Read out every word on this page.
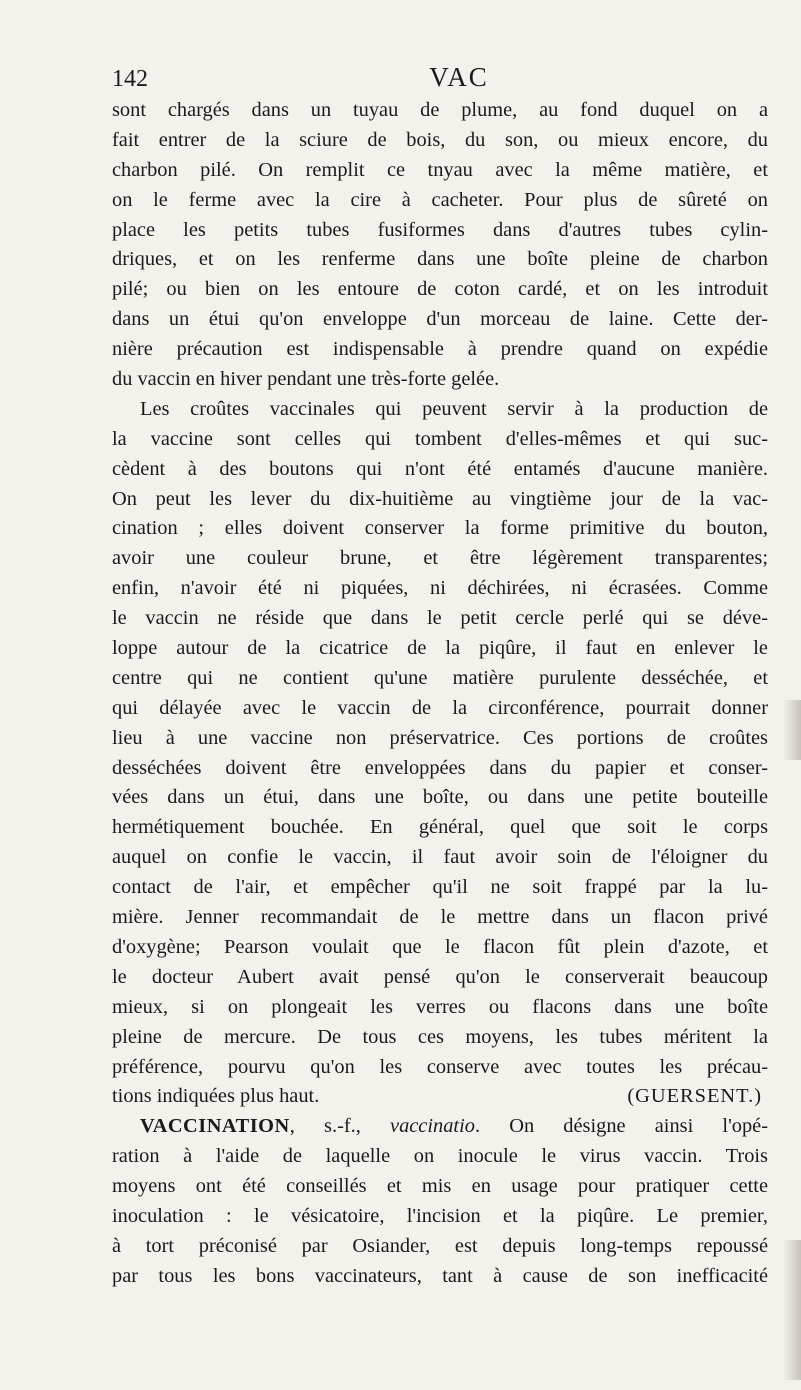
142	VAC
sont chargés dans un tuyau de plume, au fond duquel on a
fait entrer de la sciure de bois, du son, ou mieux encore, du
charbon pilé. On remplit ce tnyau avec la même matière, et
on le ferme avec la cire à cacheter. Pour plus de sûreté on
place les petits tubes fusiformes dans d'autres tubes cylin-
driques, et on les renferme dans une boîte pleine de charbon
pilé; ou bien on les entoure de coton cardé, et on les introduit
dans un étui qu'on enveloppe d'un morceau de laine. Cette der-
nière précaution est indispensable à prendre quand on expédie
du vaccin en hiver pendant une très-forte gelée.
Les croûtes vaccinales qui peuvent servir à la production de
la vaccine sont celles qui tombent d'elles-mêmes et qui suc-
cèdent à des boutons qui n'ont été entamés d'aucune manière.
On peut les lever du dix-huitième au vingtième jour de la vac-
cination ; elles doivent conserver la forme primitive du bouton,
avoir une couleur brune, et être légèrement transparentes;
enfin, n'avoir été ni piquées, ni déchirées, ni écrasées. Comme
le vaccin ne réside que dans le petit cercle perlé qui se déve-
loppe autour de la cicatrice de la piqûre, il faut en enlever le
centre qui ne contient qu'une matière purulente desséchée, et
qui délayée avec le vaccin de la circonférence, pourrait donner
lieu à une vaccine non préservatrice. Ces portions de croûtes
desséchées doivent être enveloppées dans du papier et conser-
vées dans un étui, dans une boîte, ou dans une petite bouteille
hermétiquement bouchée. En général, quel que soit le corps
auquel on confie le vaccin, il faut avoir soin de l'éloigner du
contact de l'air, et empêcher qu'il ne soit frappé par la lu-
mière. Jenner recommandait de le mettre dans un flacon privé
d'oxygène; Pearson voulait que le flacon fût plein d'azote, et
le docteur Aubert avait pensé qu'on le conserverait beaucoup
mieux, si on plongeait les verres ou flacons dans une boîte
pleine de mercure. De tous ces moyens, les tubes méritent la
préférence, pourvu qu'on les conserve avec toutes les précau-
tions indiquées plus haut.	(GUERSENT.)
VACCINATION, s.-f., vaccinatio. On désigne ainsi l'opé-
ration à l'aide de laquelle on inocule le virus vaccin. Trois
moyens ont été conseillés et mis en usage pour pratiquer cette
inoculation : le vésicatoire, l'incision et la piqûre. Le premier,
à tort préconisé par Osiander, est depuis long-temps repoussé
par tous les bons vaccinateurs, tant à cause de son inefficacité
